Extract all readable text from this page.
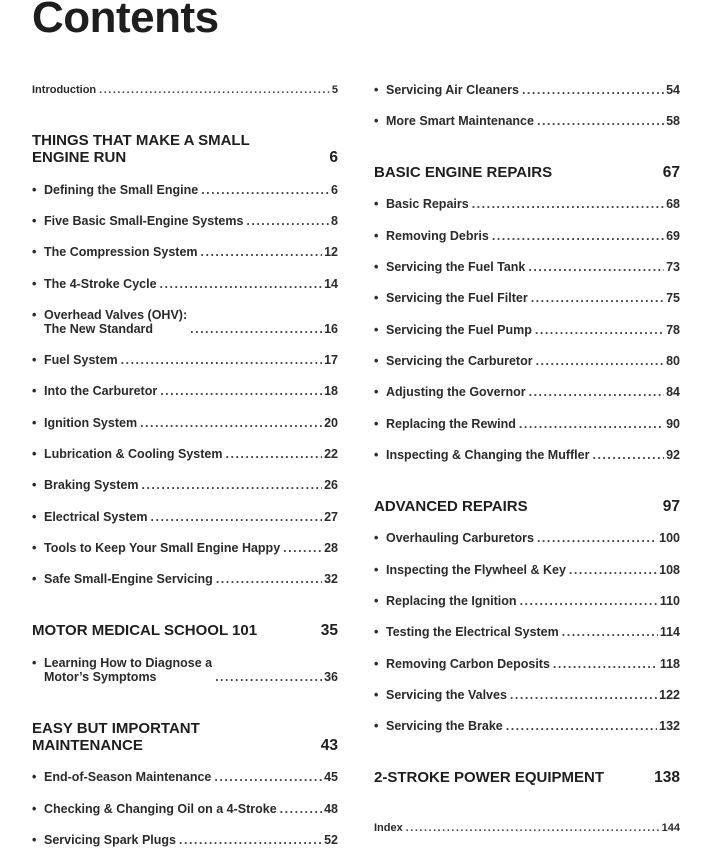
Contents
Introduction .....	5
THINGS THAT MAKE A SMALL
ENGINE RUN	6
• Defining the Small Engine .....	6
• Five Basic Small-Engine Systems .....	8
• The Compression System .....	12
• The 4-Stroke Cycle .....	14
• Overhead Valves (OHV):
The New Standard .....	16
• Fuel System .....	17
• Into the Carburetor .....	18
• Ignition System .....	20
• Lubrication & Cooling System .....	22
• Braking System .....	26
• Electrical System .....	27
• Tools to Keep Your Small Engine Happy .....	28
• Safe Small-Engine Servicing .....	32
MOTOR MEDICAL SCHOOL 101	35
• Learning How to Diagnose a
Motor’s Symptoms .....	36
EASY BUT IMPORTANT
MAINTENANCE	43
• End-of-Season Maintenance .....	45
• Checking & Changing Oil on a 4-Stroke .....	48
• Servicing Spark Plugs .....	52
• Servicing Air Cleaners .....	54
• More Smart Maintenance .....	58
BASIC ENGINE REPAIRS	67
• Basic Repairs .....	68
• Removing Debris .....	69
• Servicing the Fuel Tank .....	73
• Servicing the Fuel Filter .....	75
• Servicing the Fuel Pump .....	78
• Servicing the Carburetor .....	80
• Adjusting the Governor .....	84
• Replacing the Rewind .....	90
• Inspecting & Changing the Muffler .....	92
ADVANCED REPAIRS	97
• Overhauling Carburetors .....	100
• Inspecting the Flywheel & Key .....	108
• Replacing the Ignition .....	110
• Testing the Electrical System .....	114
• Removing Carbon Deposits .....	118
• Servicing the Valves .....	122
• Servicing the Brake .....	132
2-STROKE POWER EQUIPMENT	138
Index .....	144
